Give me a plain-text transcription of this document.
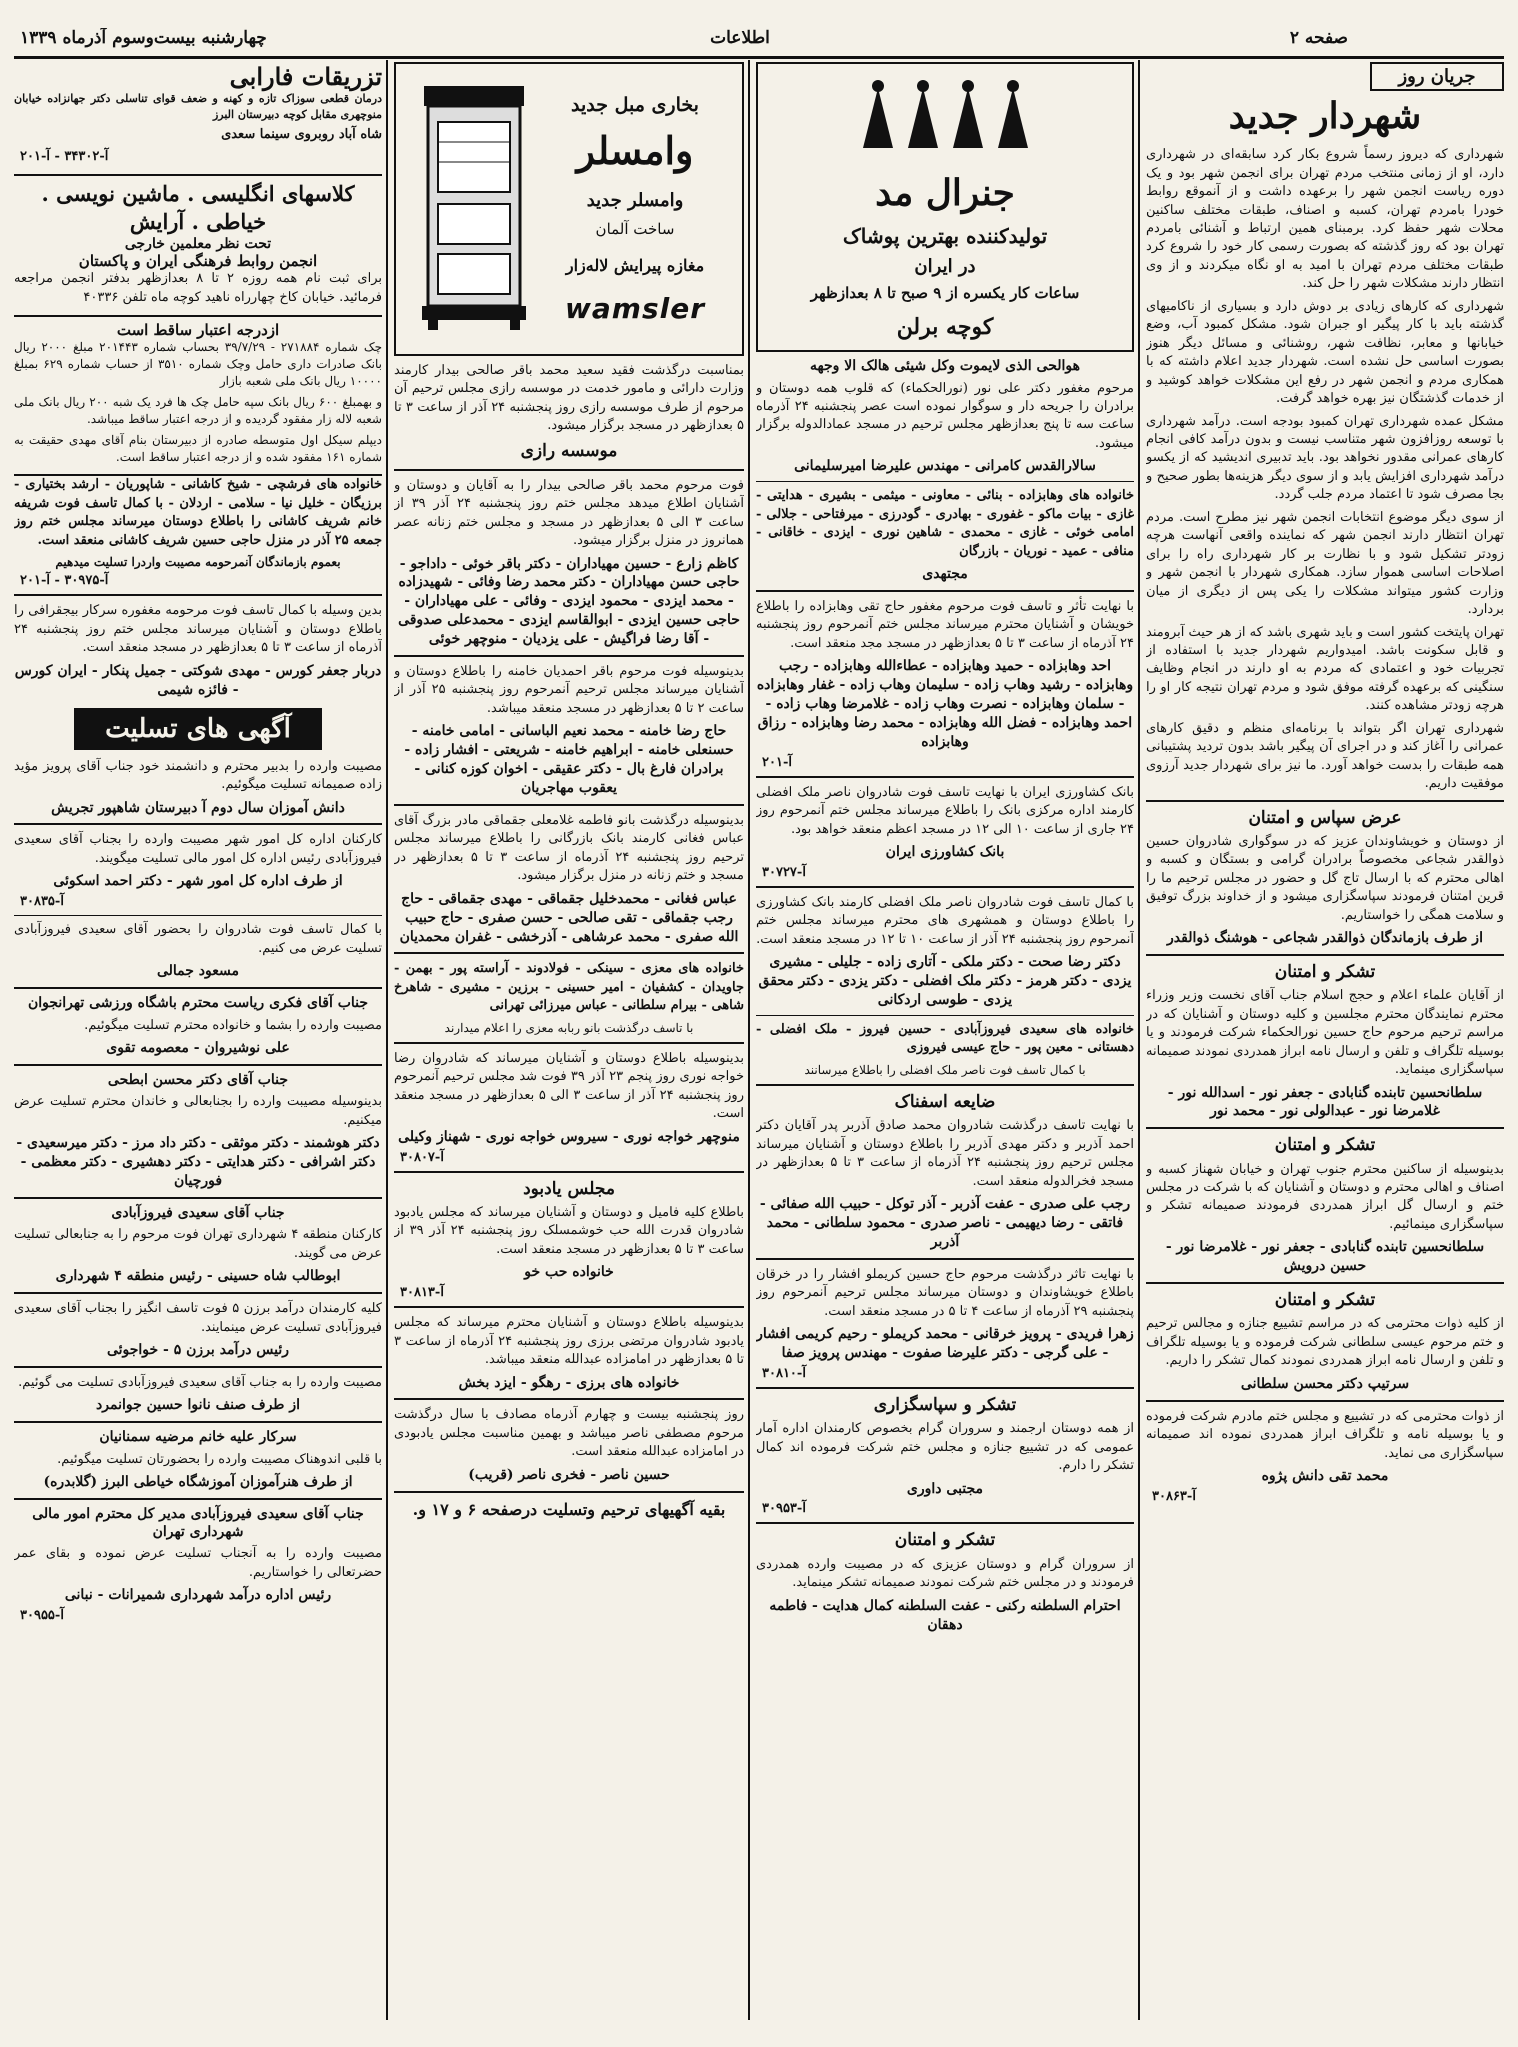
صفحه ۲
اطلاعات
چهارشنبه بیست‌وسوم آذرماه ۱۳۳۹
جریان روز
شهردار جدید

شهرداری که دیروز رسماً شروع بکار کرد سابقه‌ای در شهرداری دارد، او از زمانی منتخب مردم تهران برای انجمن شهر بود و یک دوره ریاست انجمن شهر را برعهده داشت و از آنموقع روابط خودرا بامردم تهران، کسبه و اصناف، طبقات مختلف ساکنین محلات شهر حفظ کرد. برمبنای همین ارتباط و آشنائی بامردم تهران بود که روز گذشته که بصورت رسمی کار خود را شروع کرد طبقات مختلف مردم تهران با امید به او نگاه میکردند و از وی انتظار دارند مشکلات شهر را حل کند.

شهرداری که کارهای زیادی بر دوش دارد و بسیاری از ناکامیهای گذشته باید با کار پیگیر او جبران شود. مشکل کمبود آب، وضع خیابانها و معابر، نظافت شهر، روشنائی و مسائل دیگر هنوز بصورت اساسی حل نشده است. شهردار جدید اعلام داشته که با همکاری مردم و انجمن شهر در رفع این مشکلات خواهد کوشید و از خدمات گذشتگان نیز بهره خواهد گرفت.

مشکل عمده شهرداری تهران کمبود بودجه است. درآمد شهرداری با توسعه روزافزون شهر متناسب نیست و بدون درآمد کافی انجام کارهای عمرانی مقدور نخواهد بود. باید تدبیری اندیشید که از یکسو درآمد شهرداری افزایش یابد و از سوی دیگر هزینه‌ها بطور صحیح و بجا مصرف شود تا اعتماد مردم جلب گردد.

از سوی دیگر موضوع انتخابات انجمن شهر نیز مطرح است. مردم تهران انتظار دارند انجمن شهر که نماینده واقعی آنهاست هرچه زودتر تشکیل شود و با نظارت بر کار شهرداری راه را برای اصلاحات اساسی هموار سازد. همکاری شهردار با انجمن شهر و وزارت کشور میتواند مشکلات را یکی پس از دیگری از میان بردارد.

تهران پایتخت کشور است و باید شهری باشد که از هر حیث آبرومند و قابل سکونت باشد. امیدواریم شهردار جدید با استفاده از تجربیات خود و اعتمادی که مردم به او دارند در انجام وظایف سنگینی که برعهده گرفته موفق شود و مردم تهران نتیجه کار او را هرچه زودتر مشاهده کنند.

شهرداری تهران اگر بتواند با برنامه‌ای منظم و دقیق کارهای عمرانی را آغاز کند و در اجرای آن پیگیر باشد بدون تردید پشتیبانی همه طبقات را بدست خواهد آورد. ما نیز برای شهردار جدید آرزوی موفقیت داریم.

عرض سپاس و امتنان

از دوستان و خویشاوندان عزیز که در سوگواری شادروان حسین ذوالقدر شجاعی مخصوصاً برادران گرامی و بستگان و کسبه و اهالی محترم که با ارسال تاج گل و حضور در مجلس ترحیم ما را قرین امتنان فرمودند سپاسگزاری میشود و از خداوند بزرگ توفیق و سلامت همگی را خواستاریم.

از طرف بازماندگان ذوالقدر شجاعی - هوشنگ ذوالقدر
تشکر و امتنان

از آقایان علماء اعلام و حجج اسلام جناب آقای نخست وزیر وزراء محترم نمایندگان محترم مجلسین و کلیه دوستان و آشنایان که در مراسم ترحیم مرحوم حاج حسین نورالحکماء شرکت فرمودند و یا بوسیله تلگراف و تلفن و ارسال نامه ابراز همدردی نمودند صمیمانه سپاسگزاری مینماید.

سلطانحسین تابنده گنابادی - جعفر نور - اسدالله نور - غلامرضا نور - عبدالولی نور - محمد نور
تشکر و امتنان

بدینوسیله از ساکنین محترم جنوب تهران و خیابان شهناز کسبه و اصناف و اهالی محترم و دوستان و آشنایان که با شرکت در مجلس ختم و ارسال گل ابراز همدردی فرمودند صمیمانه تشکر و سپاسگزاری مینمائیم.

سلطانحسین تابنده گنابادی - جعفر نور - غلامرضا نور - حسین درویش
تشکر و امتنان

از کلیه ذوات محترمی که در مراسم تشییع جنازه و مجالس ترحیم و ختم مرحوم عیسی سلطانی شرکت فرموده و یا بوسیله تلگراف و تلفن و ارسال نامه ابراز همدردی نمودند کمال تشکر را داریم.

سرتیپ دکتر محسن سلطانی

از ذوات محترمی که در تشییع و مجلس ختم مادرم شرکت فرموده و یا بوسیله نامه و تلگراف ابراز همدردی نموده اند صمیمانه سپاسگزاری می نماید.

محمد تقی دانش پژوه
آ-۳۰۸۶۳
جنرال مد
تولیدکننده بهترین پوشاک
در ایران
ساعات کار یکسره از ۹ صبح تا ۸ بعدازظهر
کوچه برلن
هوالحی الذی لایموت وکل شیئی هالک الا وجهه

مرحوم مغفور دکتر علی نور (نورالحکماء) که قلوب همه دوستان و برادران را جریحه دار و سوگوار نموده است عصر پنجشنبه ۲۴ آذرماه ساعت سه تا پنج بعدازظهر مجلس ترحیم در مسجد عمادالدوله برگزار میشود.

سالارالقدس کامرانی - مهندس علیرضا امیرسلیمانی

خانواده های وهابزاده - بنائی - معاونی - میثمی - بشیری - هدایتی - غازی - بیات ماکو - غفوری - بهادری - گودرزی - میرفتاحی - جلالی - امامی خوئی - غازی - محمدی - شاهین نوری - ایزدی - خاقانی - منافی - عمید - نوریان - بازرگان

مجتهدی

با نهایت تأثر و تاسف فوت مرحوم مغفور حاج تقی وهابزاده را باطلاع خویشان و آشنایان محترم میرساند مجلس ختم آنمرحوم روز پنجشنبه ۲۴ آذرماه از ساعت ۳ تا ۵ بعدازظهر در مسجد مجد منعقد است.

احد وهابزاده - حمید وهابزاده - عطاءالله وهابزاده - رجب وهابزاده - رشید وهاب زاده - سلیمان وهاب زاده - غفار وهابزاده - سلمان وهابزاده - نصرت وهاب زاده - غلامرضا وهاب زاده - احمد وهابزاده - فضل الله وهابزاده - محمد رضا وهابزاده - رزاق وهابزاده
آ-۲۰۱

بانک کشاورزی ایران با نهایت تاسف فوت شادروان ناصر ملک افضلی کارمند اداره مرکزی بانک را باطلاع میرساند مجلس ختم آنمرحوم روز ۲۴ جاری از ساعت ۱۰ الی ۱۲ در مسجد اعظم منعقد خواهد بود.

بانک کشاورزی ایران
آ-۳۰۷۲۷

با کمال تاسف فوت شادروان ناصر ملک افضلی کارمند بانک کشاورزی را باطلاع دوستان و همشهری های محترم میرساند مجلس ختم آنمرحوم روز پنجشنبه ۲۴ آذر از ساعت ۱۰ تا ۱۲ در مسجد منعقد است.

دکتر رضا صحت - دکتر ملکی - آتاری زاده - جلیلی - مشیری یزدی - دکتر هرمز - دکتر ملک افضلی - دکتر یزدی - دکتر محقق یزدی - طوسی اردکانی

خانواده های سعیدی فیروزآبادی - حسین فیروز - ملک افضلی - دهستانی - معین پور - حاج عیسی فیروزی

با کمال تاسف فوت ناصر ملک افضلی را باطلاع میرسانند
ضایعه اسفناک

با نهایت تاسف درگذشت شادروان محمد صادق آذربر پدر آقایان دکتر احمد آذربر و دکتر مهدی آذربر را باطلاع دوستان و آشنایان میرساند مجلس ترحیم روز پنجشنبه ۲۴ آذرماه از ساعت ۳ تا ۵ بعدازظهر در مسجد فخرالدوله منعقد است.

رجب علی صدری - عفت آذربر - آذر توکل - حبیب الله صفائی - فاتقی - رضا دیهیمی - ناصر صدری - محمود سلطانی - محمد آذربر

با نهایت تاثر درگذشت مرحوم حاج حسین کریملو افشار را در خرقان باطلاع خویشاوندان و دوستان میرساند مجلس ترحیم آنمرحوم روز پنجشنبه ۲۹ آذرماه از ساعت ۴ تا ۵ در مسجد منعقد است.

زهرا فریدی - پرویز خرقانی - محمد کریملو - رحیم کریمی افشار - علی گرجی - دکتر علیرضا صفوت - مهندس پرویز صفا
آ-۳۰۸۱۰
تشکر و سپاسگزاری

از همه دوستان ارجمند و سروران گرام بخصوص کارمندان اداره آمار عمومی که در تشییع جنازه و مجلس ختم شرکت فرموده اند کمال تشکر را دارم.

مجتبی داوری
آ-۳۰۹۵۳
تشکر و امتنان

از سروران گرام و دوستان عزیزی که در مصیبت وارده همدردی فرمودند و در مجلس ختم شرکت نمودند صمیمانه تشکر مینماید.

احترام السلطنه رکنی - عفت السلطنه کمال هدایت - فاطمه دهقان
بخاری مبل جدید
وامسلر
وامسلر جدید
ساخت آلمان
مغازه پیرایش لاله‌زار
wamsler

بمناسبت درگذشت فقید سعید محمد باقر صالحی بیدار کارمند وزارت دارائی و مامور خدمت در موسسه رازی مجلس ترحیم آن مرحوم از طرف موسسه رازی روز پنجشنبه ۲۴ آذر از ساعت ۳ تا ۵ بعدازظهر در مسجد برگزار میشود.

موسسه رازی

فوت مرحوم محمد باقر صالحی بیدار را به آقایان و دوستان و آشنایان اطلاع میدهد مجلس ختم روز پنجشنبه ۲۴ آذر ۳۹ از ساعت ۳ الی ۵ بعدازظهر در مسجد و مجلس ختم زنانه عصر همانروز در منزل برگزار میشود.

کاظم زارع - حسین مهیاداران - دکتر باقر خوئی - داداجو - حاجی حسن مهیاداران - دکتر محمد رضا وفائی - شهیدزاده - محمد ایزدی - محمود ایزدی - وفائی - علی مهیاداران - حاجی حسین ایزدی - ابوالقاسم ایزدی - محمدعلی صدوقی - آقا رضا فراگیش - علی یزدیان - منوچهر خوئی

بدینوسیله فوت مرحوم باقر احمدیان خامنه را باطلاع دوستان و آشنایان میرساند مجلس ترحیم آنمرحوم روز پنجشنبه ۲۵ آذر از ساعت ۲ تا ۵ بعدازظهر در مسجد منعقد میباشد.

حاج رضا خامنه - محمد نعیم الباسانی - امامی خامنه - حسنعلی خامنه - ابراهیم خامنه - شریعتی - افشار زاده - برادران فارغ بال - دکتر عقیقی - اخوان کوزه کنانی - یعقوب مهاجریان

بدینوسیله درگذشت بانو فاطمه غلامعلی جقماقی مادر بزرگ آقای عباس فغانی کارمند بانک بازرگانی را باطلاع میرساند مجلس ترحیم روز پنجشنبه ۲۴ آذرماه از ساعت ۳ تا ۵ بعدازظهر در مسجد و ختم زنانه در منزل برگزار میشود.

عباس فغانی - محمدخلیل جقماقی - مهدی جقماقی - حاج رجب جقماقی - تقی صالحی - حسن صفری - حاج حبیب الله صفری - محمد عرشاهی - آذرخشی - غفران محمدیان

خانواده های معزی - سینکی - فولادوند - آراسته پور - بهمن - جاویدان - کشفیان - امیر حسینی - برزین - مشیری - شاهرخ شاهی - بیرام سلطانی - عباس میرزائی تهرانی

با تاسف درگذشت بانو ربابه معزی را اعلام میدارند

بدینوسیله باطلاع دوستان و آشنایان میرساند که شادروان رضا خواجه نوری روز پنجم ۲۳ آذر ۳۹ فوت شد مجلس ترحیم آنمرحوم روز پنجشنبه ۲۴ آذر از ساعت ۳ الی ۵ بعدازظهر در مسجد منعقد است.

منوچهر خواجه نوری - سیروس خواجه نوری - شهناز وکیلی
آ-۳۰۸۰۷
مجلس یادبود

باطلاع کلیه فامیل و دوستان و آشنایان میرساند که مجلس یادبود شادروان قدرت الله حب خوشمسلک روز پنجشنبه ۲۴ آذر ۳۹ از ساعت ۳ تا ۵ بعدازظهر در مسجد منعقد است.

خانواده حب خو
آ-۳۰۸۱۳

بدینوسیله باطلاع دوستان و آشنایان محترم میرساند که مجلس یادبود شادروان مرتضی برزی روز پنجشنبه ۲۴ آذرماه از ساعت ۳ تا ۵ بعدازظهر در امامزاده عبدالله منعقد میباشد.

خانواده های برزی - رهگو - ایزد بخش

روز پنجشنبه بیست و چهارم آذرماه مصادف با سال درگذشت مرحوم مصطفی ناصر میباشد و بهمین مناسبت مجلس یادبودی در امامزاده عبدالله منعقد است.

حسین ناصر - فخری ناصر (قریب)
بقیه آگهیهای ترحیم وتسلیت درصفحه ۶ و ۱۷ و.
تزریقات فارابی

درمان قطعی سوزاک تازه و کهنه و ضعف قوای تناسلی دکتر جهانزاده خیابان منوچهری مقابل کوچه دبیرستان البرز

شاه آباد روبروی سینما سعدی

آ-۳۴۳۰۲ - آ-۲۰۱
کلاسهای انگلیسی . ماشین نویسی . خیاطی . آرایش
تحت نظر معلمین خارجی
انجمن روابط فرهنگی ایران و پاکستان

برای ثبت نام همه روزه ۲ تا ۸ بعدازظهر بدفتر انجمن مراجعه فرمائید. خیابان کاخ چهارراه ناهید کوچه ماه تلفن ۴۰۳۳۶

ازدرجه اعتبار ساقط است

چک شماره ۲۷۱۸۸۴ - ۳۹/۷/۲۹ بحساب شماره ۲۰۱۴۴۳ مبلغ ۲۰۰۰ ریال بانک صادرات داری حامل وچک شماره ۳۵۱۰ از حساب شماره ۶۲۹ بمبلغ ۱۰۰۰۰ ریال بانک ملی شعبه بازار

و بهمبلغ ۶۰۰ ریال بانک سپه حامل چک ها فرد یک شبه ۲۰۰ ریال بانک ملی شعبه لاله زار مفقود گردیده و از درجه اعتبار ساقط میباشد.

دیپلم سیکل اول متوسطه صادره از دبیرستان بنام آقای مهدی حقیقت به شماره ۱۶۱ مفقود شده و از درجه اعتبار ساقط است.

خانواده های فرشچی - شیخ کاشانی - شاپوریان - ارشد بختیاری - برزیگان - خلیل نیا - سلامی - اردلان - با کمال تاسف فوت شریفه خانم شریف کاشانی را باطلاع دوستان میرساند مجلس ختم روز جمعه ۲۵ آذر در منزل حاجی حسین شریف کاشانی منعقد است.

بعموم بازماندگان آنمرحومه مصیبت واردرا تسلیت میدهیم
آ-۳۰۹۷۵ - آ-۲۰۱

بدین وسیله با کمال تاسف فوت مرحومه مغفوره سرکار بیجقرافی را باطلاع دوستان و آشنایان میرساند مجلس ختم روز پنجشنبه ۲۴ آذرماه از ساعت ۳ تا ۵ بعدازظهر در مسجد منعقد است.

دربار جعفر کورس - مهدی شوکتی - جمیل پنکار - ایران کورس - فائزه شیمی
آگهی های تسلیت

مصیبت وارده را بدبیر محترم و دانشمند خود جناب آقای پرویز مؤید زاده صمیمانه تسلیت میگوئیم.

دانش آموزان سال دوم آ دبیرستان شاهپور تجریش

کارکنان اداره کل امور شهر مصیبت وارده را بجناب آقای سعیدی فیروزآبادی رئیس اداره کل امور مالی تسلیت میگویند.

از طرف اداره کل امور شهر - دکتر احمد اسکوئی
آ-۳۰۸۳۵

با کمال تاسف فوت شادروان را بحضور آقای سعیدی فیروزآبادی تسلیت عرض می کنیم.

مسعود جمالی
جناب آقای فکری ریاست محترم باشگاه ورزشی تهرانجوان

مصیبت وارده را بشما و خانواده محترم تسلیت میگوئیم.

علی نوشیروان - معصومه تقوی
جناب آقای دکتر محسن ابطحی

بدینوسیله مصیبت وارده را بجنابعالی و خاندان محترم تسلیت عرض میکنیم.

دکتر هوشمند - دکتر موثقی - دکتر داد مرز - دکتر میرسعیدی - دکتر اشرافی - دکتر هدایتی - دکتر دهشیری - دکتر معظمی - فورچیان
جناب آقای سعیدی فیروزآبادی

کارکنان منطقه ۴ شهرداری تهران فوت مرحوم را به جنابعالی تسلیت عرض می گویند.

ابوطالب شاه حسینی - رئیس منطقه ۴ شهرداری

کلیه کارمندان درآمد برزن ۵ فوت تاسف انگیز را بجناب آقای سعیدی فیروزآبادی تسلیت عرض مینمایند.

رئیس درآمد برزن ۵ - خواجوئی

مصیبت وارده را به جناب آقای سعیدی فیروزآبادی تسلیت می گوئیم.

از طرف صنف نانوا حسین جوانمرد
سرکار علیه خانم مرضیه سمنانیان

با قلبی اندوهناک مصیبت وارده را بحضورتان تسلیت میگوئیم.

از طرف هنرآموزان آموزشگاه خیاطی البرز (گلابدره)
جناب آقای سعیدی فیروزآبادی مدیر کل محترم امور مالی شهرداری تهران

مصیبت وارده را به آنجناب تسلیت عرض نموده و بقای عمر حضرتعالی را خواستاریم.

رئیس اداره درآمد شهرداری شمیرانات - نبانی
آ-۳۰۹۵۵
